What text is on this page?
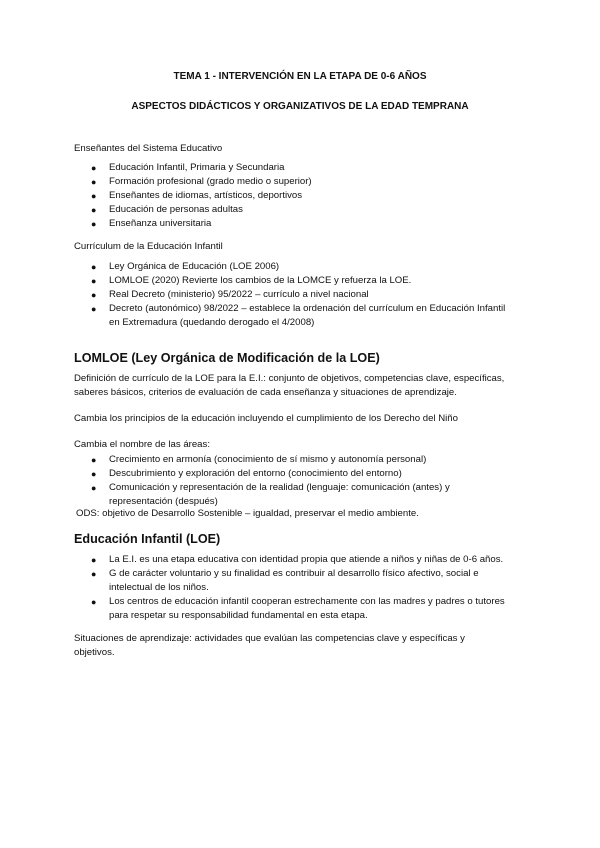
TEMA 1 - INTERVENCIÓN EN LA ETAPA DE 0-6 AÑOS

ASPECTOS DIDÁCTICOS Y ORGANIZATIVOS DE LA EDAD TEMPRANA

Enseñantes del Sistema Educativo

● Educación Infantil, Primaria y Secundaria
● Formación profesional (grado medio o superior)
● Enseñantes de idiomas, artísticos, deportivos
● Educación de personas adultas
● Enseñanza universitaria

Currículum de la Educación Infantil

● Ley Orgánica de Educación (LOE 2006)
● LOMLOE (2020) Revierte los cambios de la LOMCE y refuerza la LOE.
● Real Decreto (ministerio) 95/2022 – currículo a nivel nacional
● Decreto (autonómico) 98/2022 – establece la ordenación del currículum en Educación Infantil
en Extremadura (quedando derogado el 4/2008)
LOMLOE (Ley Orgánica de Modificación de la LOE)

Definición de currículo de la LOE para la E.I.: conjunto de objetivos, competencias clave, específicas,
saberes básicos, criterios de evaluación de cada enseñanza y situaciones de aprendizaje.

Cambia los principios de la educación incluyendo el cumplimiento de los Derecho del Niño

Cambia el nombre de las áreas:

● Crecimiento en armonía (conocimiento de sí mismo y autonomía personal)
● Descubrimiento y exploración del entorno (conocimiento del entorno)
● Comunicación y representación de la realidad (lenguaje: comunicación (antes) y
representación (después)

ODS: objetivo de Desarrollo Sostenible – igualdad, preservar el medio ambiente.

Educación Infantil (LOE)
● La E.I. es una etapa educativa con identidad propia que atiende a niños y niñas de 0-6 años.
● G de carácter voluntario y su finalidad es contribuir al desarrollo físico afectivo, social e
intelectual de los niños.
● Los centros de educación infantil cooperan estrechamente con las madres y padres o tutores
para respetar su responsabilidad fundamental en esta etapa.

Situaciones de aprendizaje: actividades que evalúan las competencias clave y específicas y
objetivos.
